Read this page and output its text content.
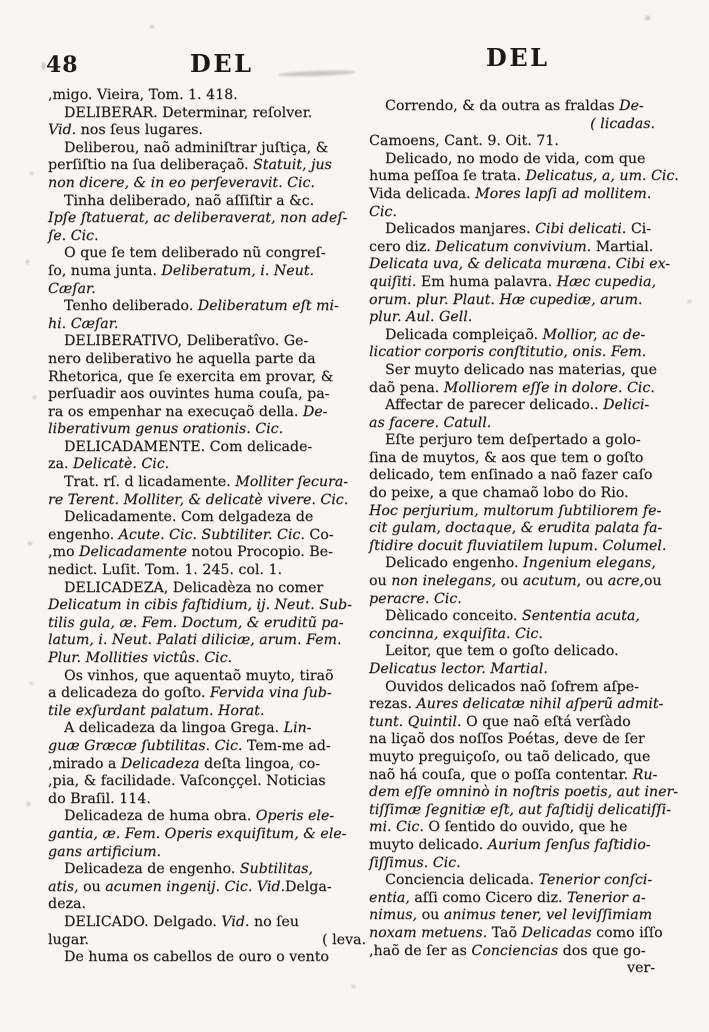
48	DEL	DEL
,migo. Vieira, Tom. 1. 418.
DELIBERAR. Determinar, reſolver.
Vid. nos ſeus lugares.
Deliberou, naõ adminiſtrar juſtiça, &
perſiſtio na ſua deliberaçaõ. Statuit, jus
non dicere, & in eo perſeveravit. Cic.
Tinha deliberado, naõ aſſiſtir a &c.
Ipſe ſtatuerat, ac deliberaverat, non adeſ-
ſe. Cic.
O que ſe tem deliberado nũ congreſ-
ſo, numa junta. Deliberatum, i. Neut.
Cæſar.
Tenho deliberado. Deliberatum eſt mi-
hi. Cæſar.
DELIBERATIVO, Deliberatîvo. Ge-
nero deliberativo he aquella parte da
Rhetorica, que ſe exercita em provar, &
perſuadir aos ouvintes huma couſa, pa-
ra os empenhar na execuçaõ della. De-
liberativum genus orationis. Cic.
DELICADAMENTE. Com delicade-
za. Delicatè. Cic.
Trat. rſ. d licadamente. Molliter ſecura-
re Terent. Molliter, & delicatè vivere. Cic.
Delicadamente. Com delgadeza de
engenho. Acute. Cic. Subtiliter. Cic. Co-
,mo Delicadamente notou Procopio. Be-
nedict. Luſit. Tom. 1. 245. col. 1.
DELICADEZA, Delicadèza no comer
Delicatum in cibis faſtidium, ij. Neut. Sub-
tilis gula, æ. Fem. Doctum, & eruditũ pa-
latum, i. Neut. Palati diliciæ, arum. Fem.
Plur. Mollities victûs. Cic.
Os vinhos, que aquentaõ muyto, tiraõ
a delicadeza do goſto. Fervida vina ſub-
tile exſurdant palatum. Horat.
A delicadeza da lingoa Grega. Lin-
guæ Græcæ ſubtilitas. Cic. Tem-me ad-
,mirado a Delicadeza deſta lingoa, co-
,pia, & facilidade. Vaſconççel. Noticias
do Braſil. 114.
Delicadeza de huma obra. Operis ele-
gantia, æ. Fem. Operis exquiſitum, & ele-
gans artificium.
Delicadeza de engenho. Subtilitas,
atis, ou acumen ingenij. Cic. Vid.Delga-
deza.
DELICADO. Delgado. Vid. no ſeu
lugar.	( leva.
De huma os cabellos de ouro o vento
Correndo, & da outra as fraldas De-
( licadas.
Camoens, Cant. 9. Oit. 71.
Delicado, no modo de vida, com que
huma peſſoa ſe trata. Delicatus, a, um. Cic.
Vida delicada. Mores lapſi ad mollitem.
Cic.
Delicados manjares. Cibi delicati. Ci-
cero diz. Delicatum convivium. Martial.
Delicata uva, & delicata muræna. Cibi ex-
quiſiti. Em huma palavra. Hæc cupedia,
orum. plur. Plaut. Hæ cupediæ, arum.
plur. Aul. Gell.
Delicada compleiçaõ. Mollior, ac de-
licatior corporis conſtitutio, onis. Fem.
Ser muyto delicado nas materias, que
daõ pena. Molliorem eſſe in dolore. Cic.
Affectar de parecer delicado.. Delici-
as facere. Catull.
Eſte perjuro tem deſpertado a golo-
ſina de muytos, & aos que tem o goſto
delicado, tem enſinado a naõ fazer caſo
do peixe, a que chamaõ lobo do Rio.
Hoc perjurium, multorum ſubtiliorem fe-
cit gulam, doctaque, & erudita palata fa-
ſtidire docuit fluviatilem lupum. Columel.
Delicado engenho. Ingenium elegans,
ou non inelegans, ou acutum, ou acre,ou
peracre. Cic.
Dèlicado conceito. Sententia acuta,
concinna, exquiſita. Cic.
Leitor, que tem o goſto delicado.
Delicatus lector. Martial.
Ouvidos delicados naõ ſofrem aſpe-
rezas. Aures delicatæ nihil aſperũ admit-
tunt. Quintil. O que naõ eſtá verſàdo
na liçaõ dos noſſos Poétas, deve de ſer
muyto preguiçoſo, ou taõ delicado, que
naõ há couſa, que o poſſa contentar. Ru-
dem eſſe omninò in noſtris poetis, aut iner-
tiſſimæ ſegnitiæ eſt, aut faſtidij delicatiſſi-
mi. Cic. O ſentido do ouvido, que he
muyto delicado. Aurium ſenſus faſtidio-
ſiſſimus. Cic.
Conciencia delicada. Tenerior conſci-
entia, aſſi como Cicero diz. Tenerior a-
nimus, ou animus tener, vel leviſſimiam
noxam metuens. Taõ Delicadas como iſſo
,haõ de ſer as Conciencias dos que go-
ver-
